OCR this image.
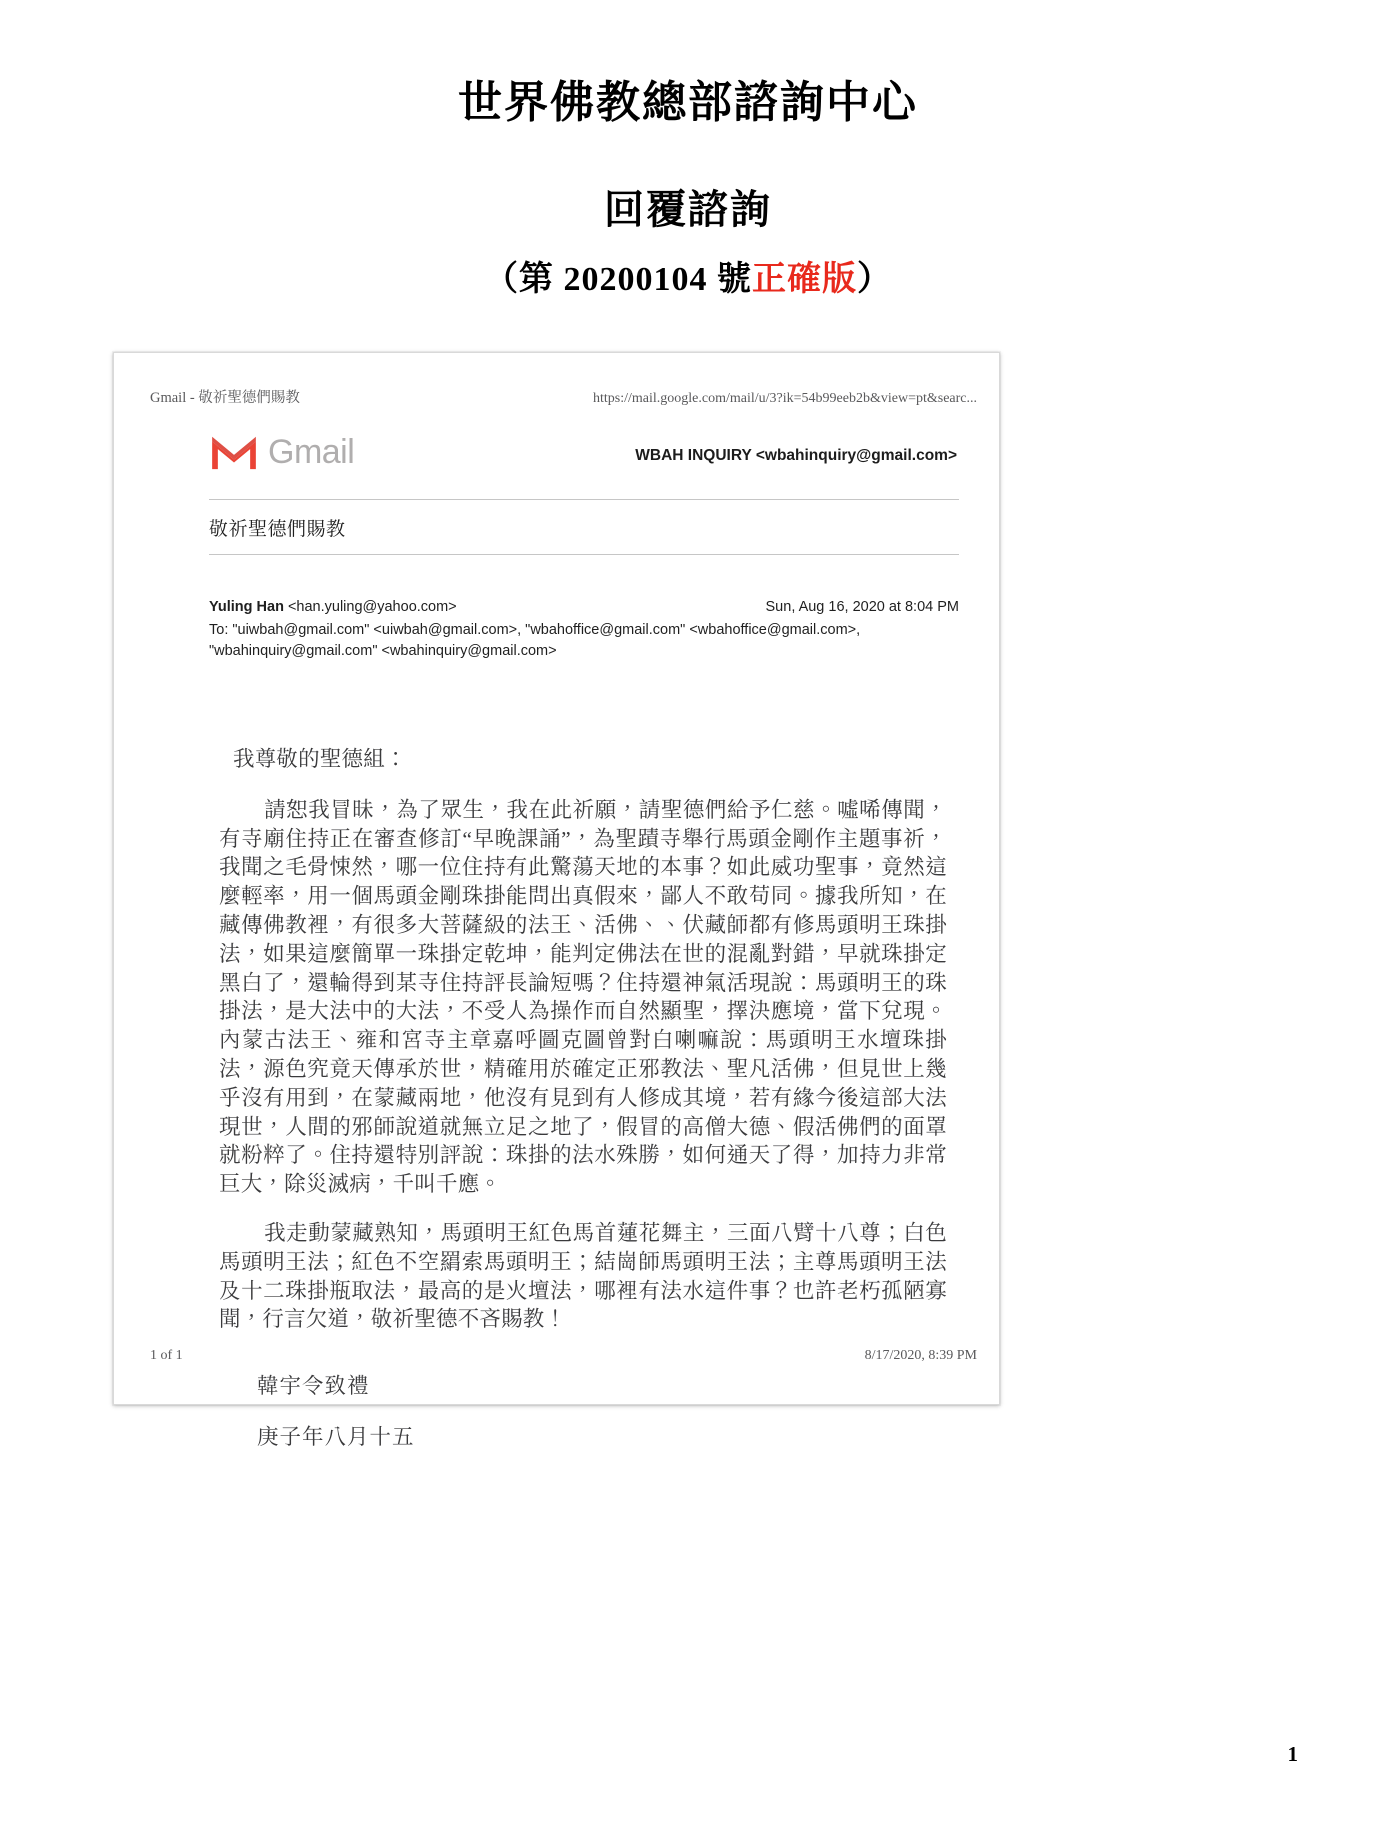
世界佛教總部諮詢中心
回覆諮詢
（第 20200104 號正確版）
Gmail - 敬祈聖德們賜教	https://mail.google.com/mail/u/3?ik=54b99eeb2b&view=pt&searc...
Gmail	WBAH INQUIRY <wbahinquiry@gmail.com>
敬祈聖德們賜教
Yuling Han <han.yuling@yahoo.com>	Sun, Aug 16, 2020 at 8:04 PM
To: "uiwbah@gmail.com" <uiwbah@gmail.com>, "wbahoffice@gmail.com" <wbahoffice@gmail.com>,
"wbahinquiry@gmail.com" <wbahinquiry@gmail.com>

我尊敬的聖德組：

請恕我冒昧，為了眾生，我在此祈願，請聖德們給予仁慈。噓唏傳聞，有寺廟住持正在審查修訂“早晚課誦”，為聖蹟寺舉行馬頭金剛作主題事祈，我聞之毛骨悚然，哪一位住持有此驚蕩天地的本事？如此威功聖事，竟然這麼輕率，用一個馬頭金剛珠掛能問出真假來，鄙人不敢苟同。據我所知，在藏傳佛教裡，有很多大菩薩級的法王、活佛、、伏藏師都有修馬頭明王珠掛法，如果這麼簡單一珠掛定乾坤，能判定佛法在世的混亂對錯，早就珠掛定黑白了，還輪得到某寺住持評長論短嗎？住持還神氣活現說：馬頭明王的珠掛法，是大法中的大法，不受人為操作而自然顯聖，擇決應境，當下兌現。內蒙古法王、雍和宮寺主章嘉呼圖克圖曾對白喇嘛說：馬頭明王水壇珠掛法，源色究竟天傳承於世，精確用於確定正邪教法、聖凡活佛，但見世上幾乎沒有用到，在蒙藏兩地，他沒有見到有人修成其境，若有緣今後這部大法現世，人間的邪師說道就無立足之地了，假冒的高僧大德、假活佛們的面罩就粉粹了。住持還特別評說：珠掛的法水殊勝，如何通天了得，加持力非常巨大，除災滅病，千叫千應。

我走動蒙藏熟知，馬頭明王紅色馬首蓮花舞主，三面八臂十八尊；白色馬頭明王法；紅色不空羂索馬頭明王；結崗師馬頭明王法；主尊馬頭明王法及十二珠掛瓶取法，最高的是火壇法，哪裡有法水這件事？也許老朽孤陋寡聞，行言欠道，敬祈聖德不吝賜教！

韓宇令致禮

庚子年八月十五

1 of 1	8/17/2020, 8:39 PM
1
